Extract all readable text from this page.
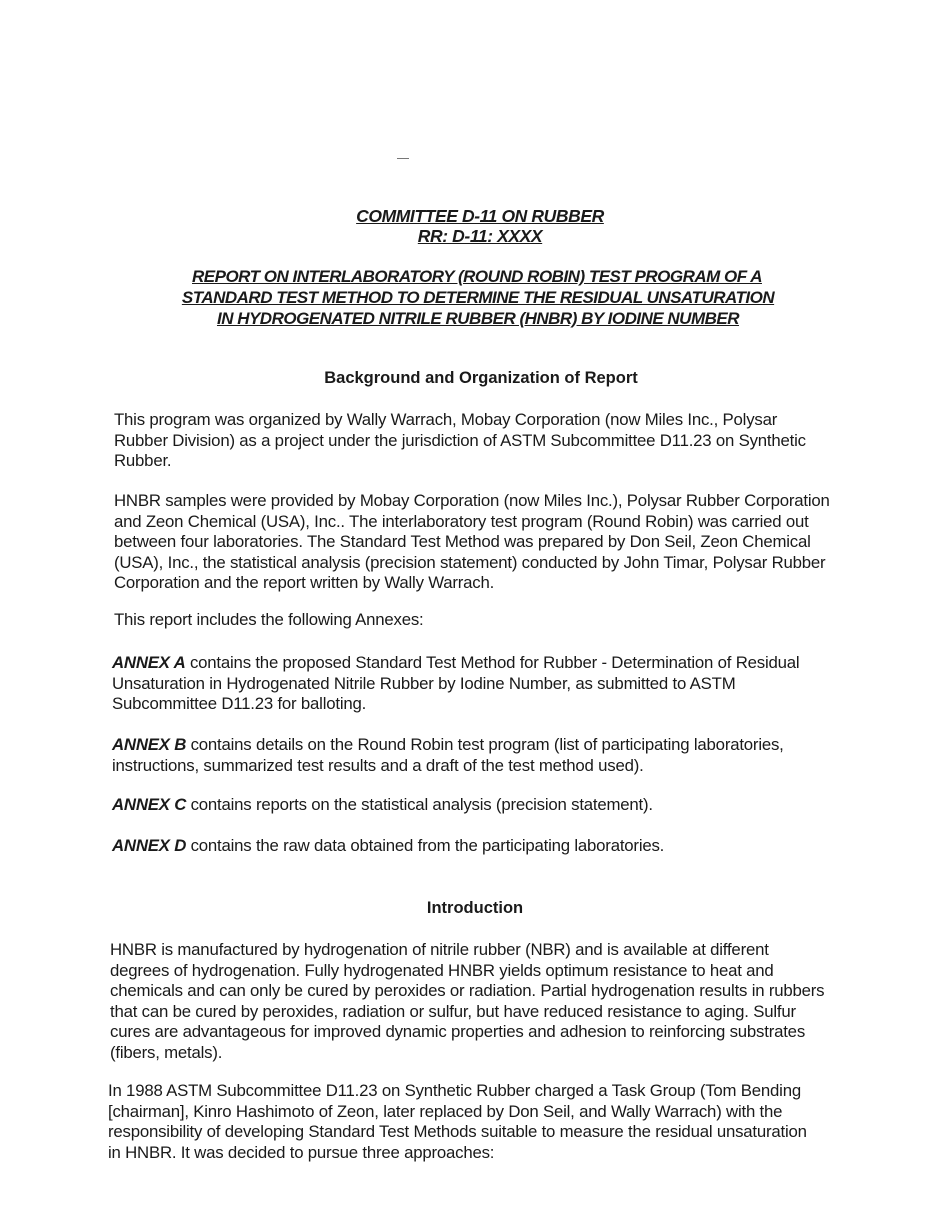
COMMITTEE D-11 ON RUBBER

RR: D-11: XXXX

REPORT ON INTERLABORATORY (ROUND ROBIN) TEST PROGRAM OF A

STANDARD TEST METHOD TO DETERMINE THE RESIDUAL UNSATURATION

IN HYDROGENATED NITRILE RUBBER (HNBR) BY IODINE NUMBER

Background and Organization of Report

This program was organized by Wally Warrach, Mobay Corporation (now Miles Inc., Polysar Rubber Division) as a project under the jurisdiction of ASTM Subcommittee D11.23 on Synthetic Rubber.

HNBR samples were provided by Mobay Corporation (now Miles Inc.), Polysar Rubber Corporation and Zeon Chemical (USA), Inc.. The interlaboratory test program (Round Robin) was carried out between four laboratories. The Standard Test Method was prepared by Don Seil, Zeon Chemical (USA), Inc., the statistical analysis (precision statement) conducted by John Timar, Polysar Rubber Corporation and the report written by Wally Warrach.

This report includes the following Annexes:

ANNEX A contains the proposed Standard Test Method for Rubber - Determination of Residual Unsaturation in Hydrogenated Nitrile Rubber by Iodine Number, as submitted to ASTM Subcommittee D11.23 for balloting.

ANNEX B contains details on the Round Robin test program (list of participating laboratories, instructions, summarized test results and a draft of the test method used).

ANNEX C contains reports on the statistical analysis (precision statement).

ANNEX D contains the raw data obtained from the participating laboratories.

Introduction

HNBR is manufactured by hydrogenation of nitrile rubber (NBR) and is available at different degrees of hydrogenation. Fully hydrogenated HNBR yields optimum resistance to heat and chemicals and can only be cured by peroxides or radiation. Partial hydrogenation results in rubbers that can be cured by peroxides, radiation or sulfur, but have reduced resistance to aging. Sulfur cures are advantageous for improved dynamic properties and adhesion to reinforcing substrates (fibers, metals).

In 1988 ASTM Subcommittee D11.23 on Synthetic Rubber charged a Task Group (Tom Bending [chairman], Kinro Hashimoto of Zeon, later replaced by Don Seil, and Wally Warrach) with the responsibility of developing Standard Test Methods suitable to measure the residual unsaturation in HNBR. It was decided to pursue three approaches:
